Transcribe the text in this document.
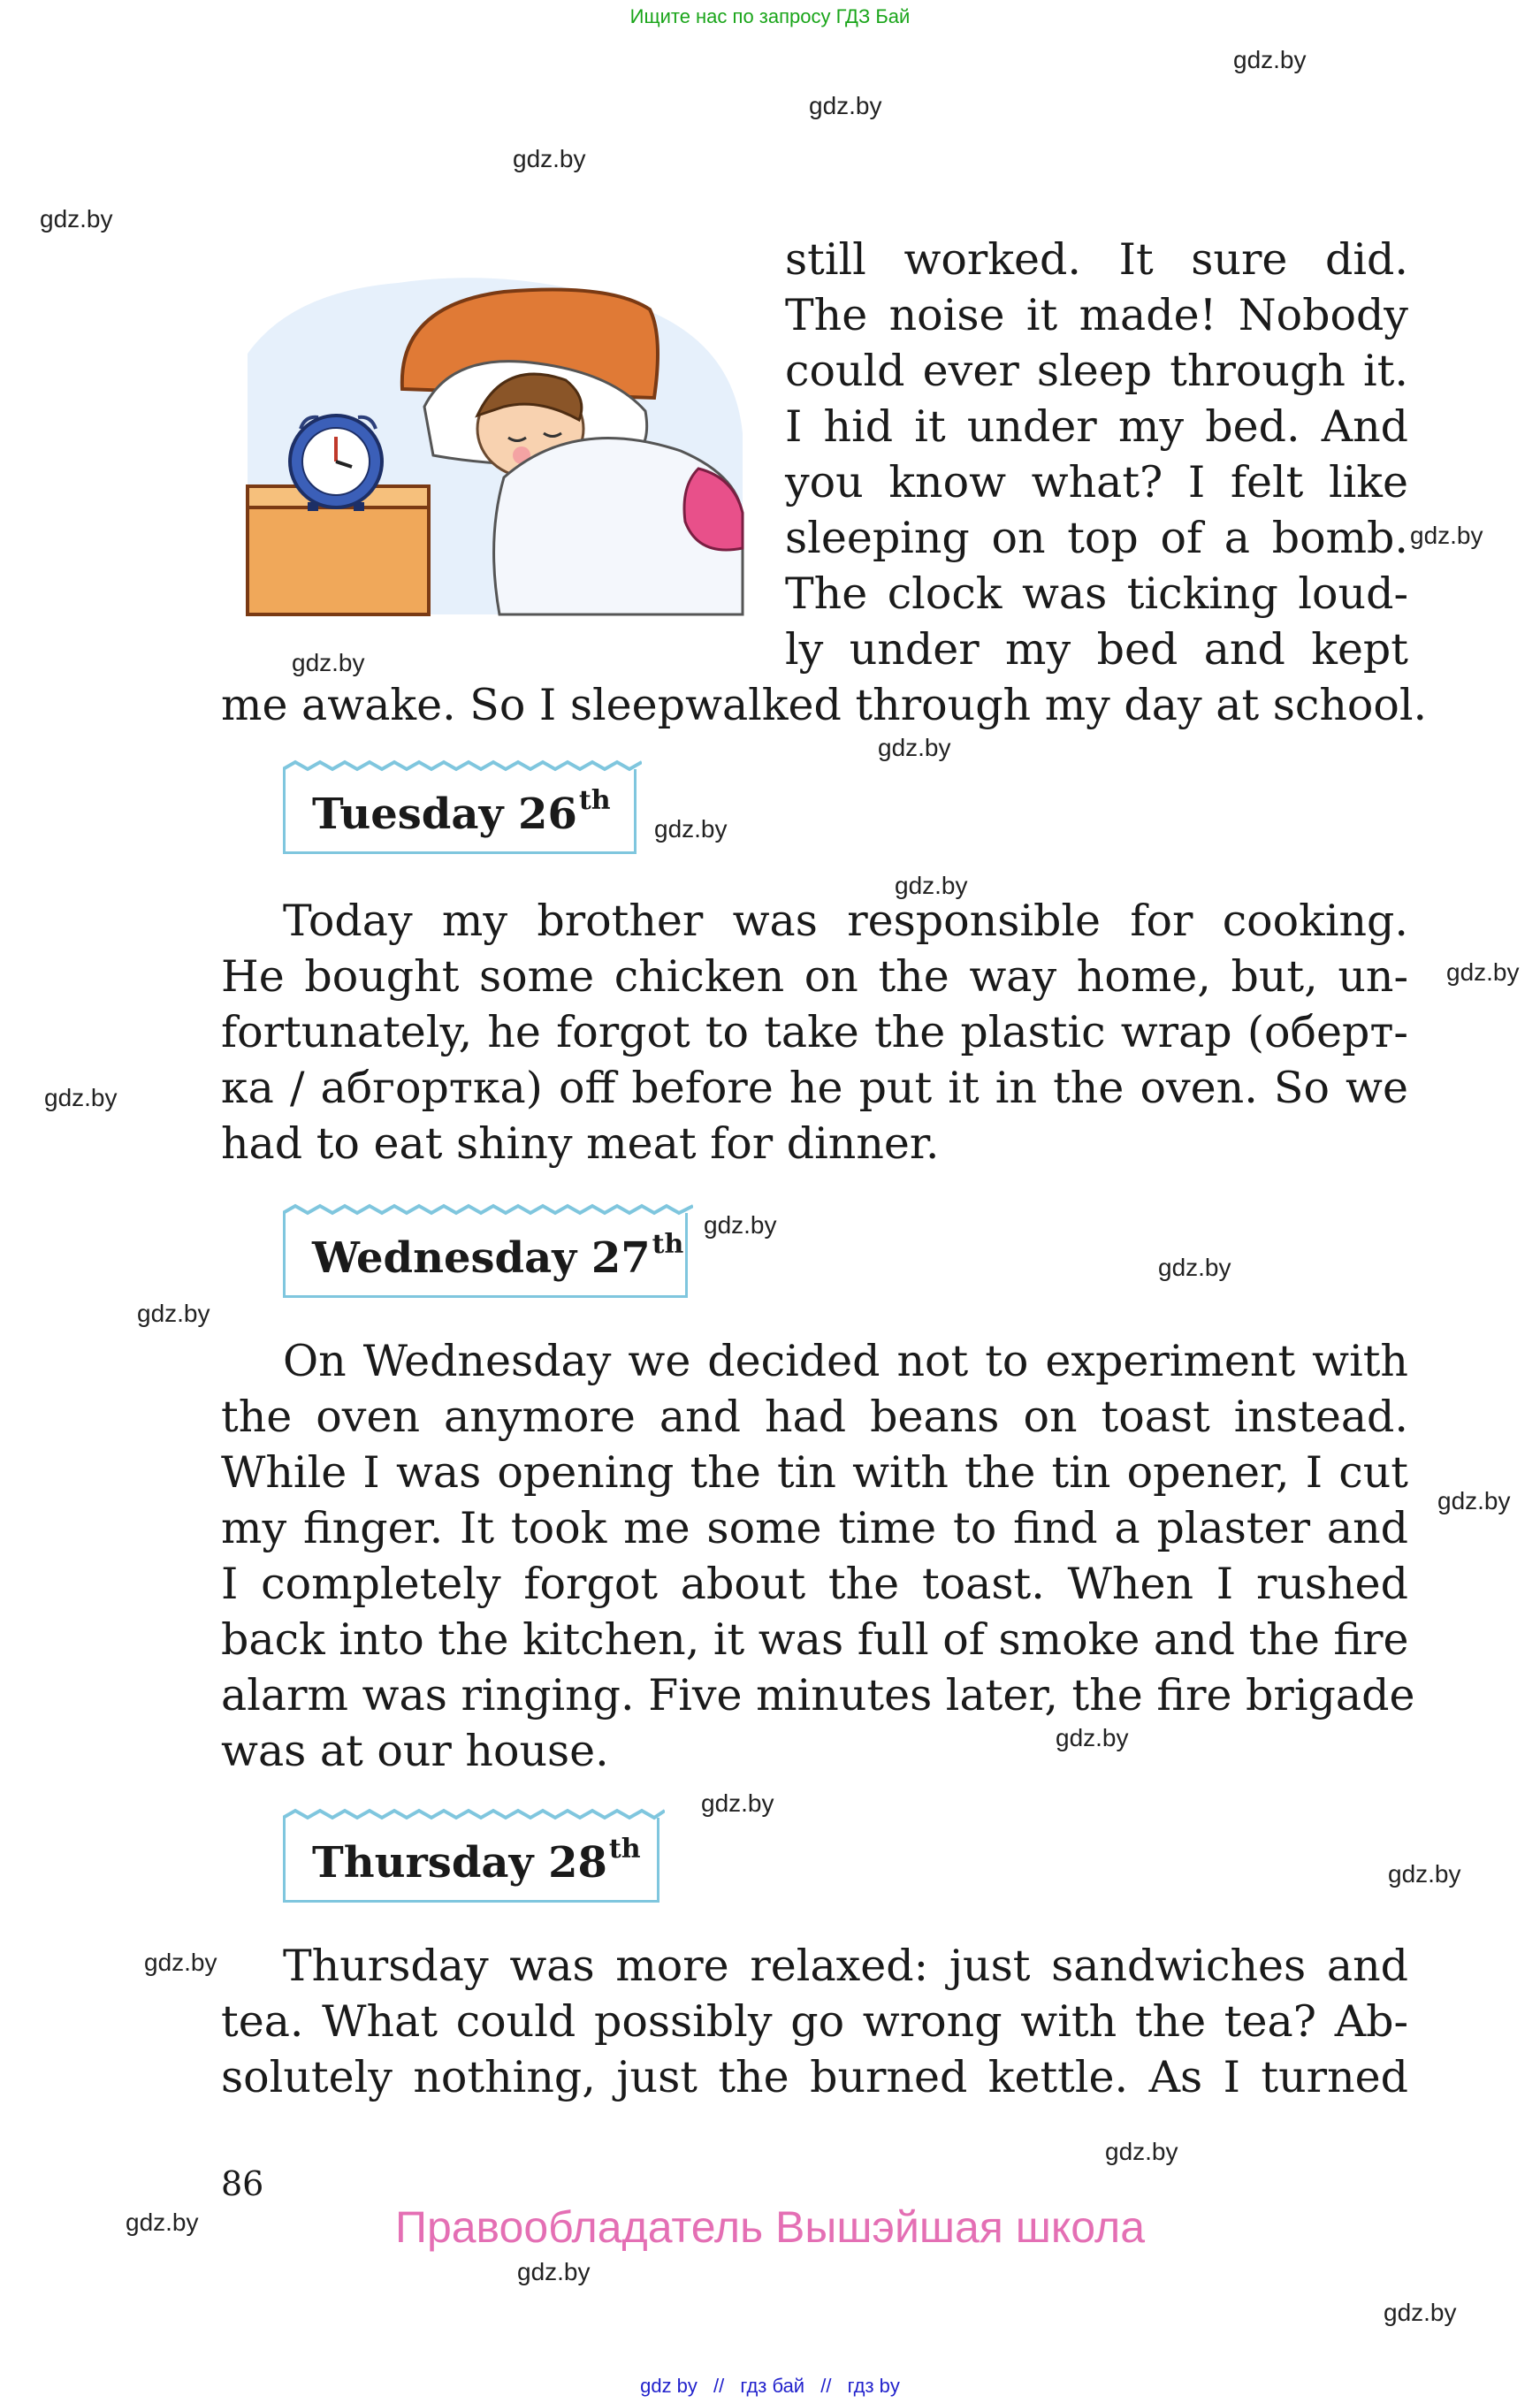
Ищите нас по запросу ГДЗ Бай
gdz.by
gdz.by
gdz.by
gdz.by
gdz.by
gdz.by
gdz.by
gdz.by
gdz.by
gdz.by
gdz.by
gdz.by
gdz.by
gdz.by
gdz.by
gdz.by
gdz.by
gdz.by
gdz.by
gdz.by
gdz.by
gdz.by
gdz.by
still worked. It sure did.
The noise it made! Nobody
could ever sleep through it.
I hid it under my bed. And
you know what? I felt like
sleeping on top of a bomb.
The clock was ticking loud-
ly under my bed and kept
me awake. So I sleepwalked through my day at school.
Tuesday 26th
Today my brother was responsible for cooking.
He bought some chicken on the way home, but, un-
fortunately, he forgot to take the plastic wrap (оберт-
ка / абгортка) off before he put it in the oven. So we
had to eat shiny meat for dinner.
Wednesday 27th
On Wednesday we decided not to experiment with
the oven anymore and had beans on toast instead.
While I was opening the tin with the tin opener, I cut
my finger. It took me some time to find a plaster and
I completely forgot about the toast. When I rushed
back into the kitchen, it was full of smoke and the fire
alarm was ringing. Five minutes later, the fire brigade
was at our house.
Thursday 28th
Thursday was more relaxed: just sandwiches and
tea. What could possibly go wrong with the tea? Ab-
solutely nothing, just the burned kettle. As I turned
86
Правообладатель Вышэйшая школа
gdz by // гдз бай // гдз by
